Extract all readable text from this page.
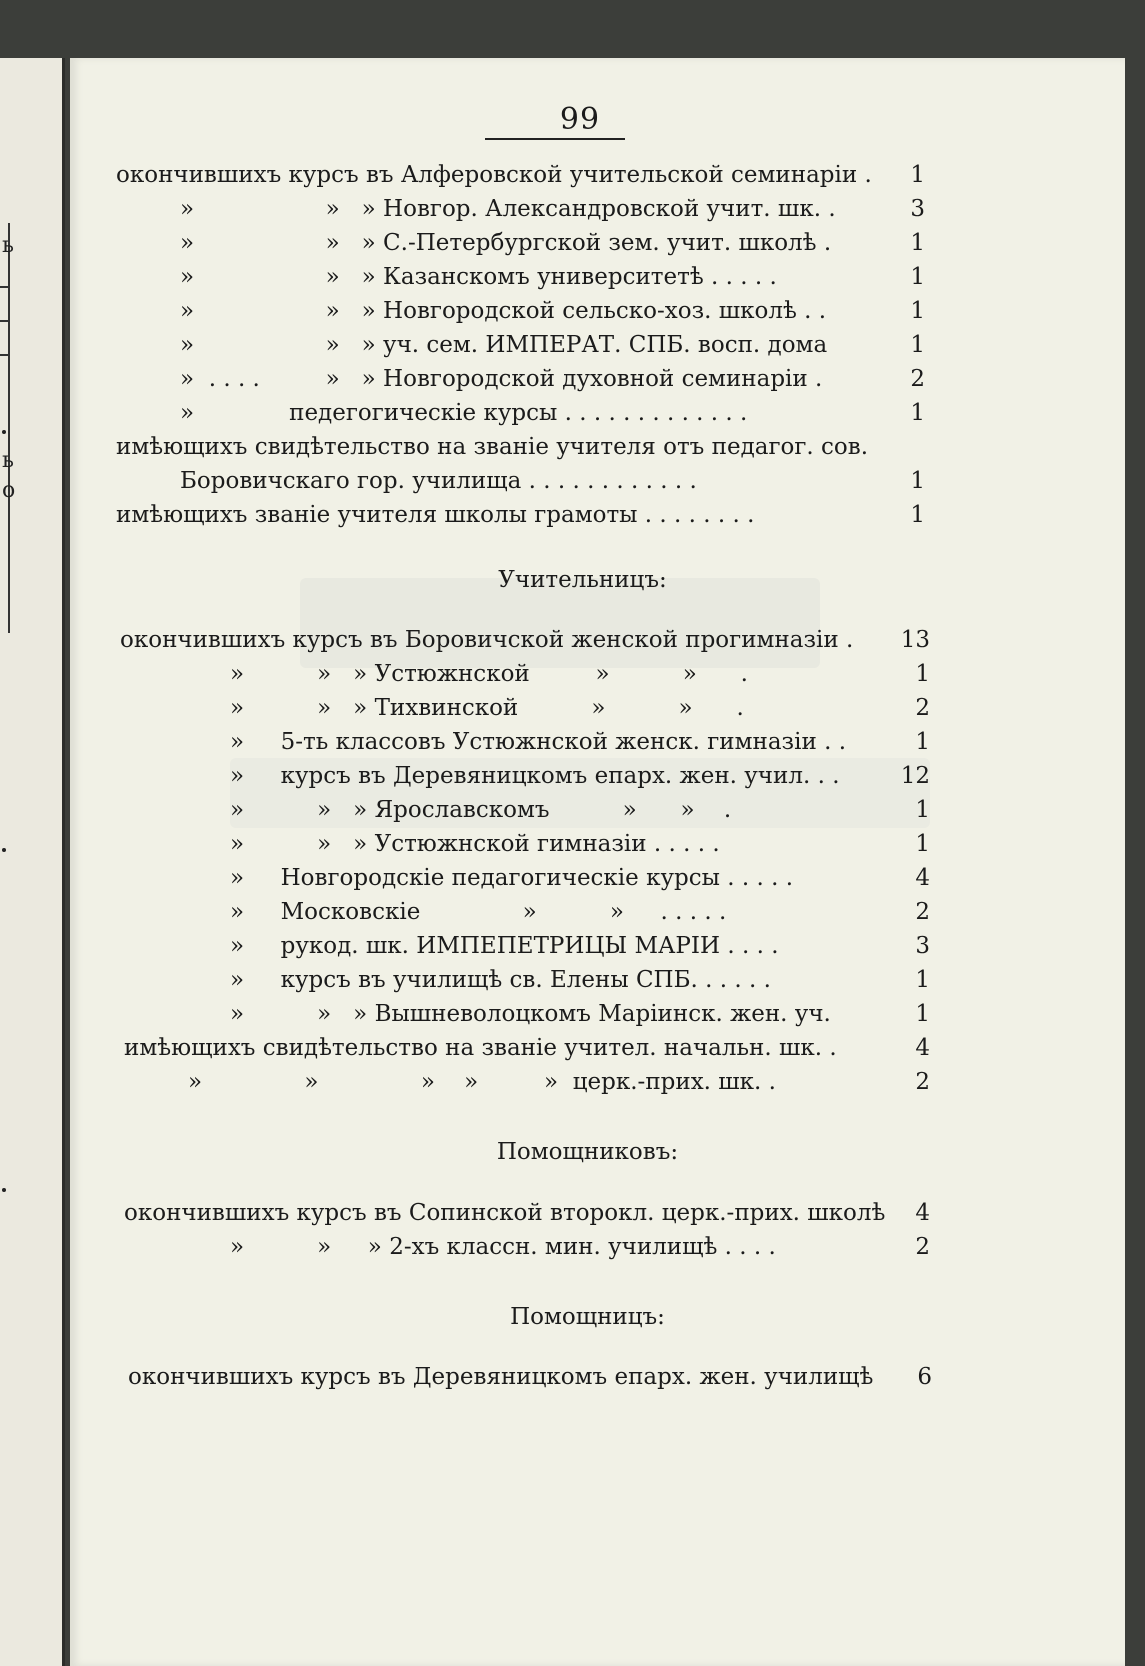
ь
ь
о
99
окончившихъ курсъ въ Алферовской учительской семинаріи .	1
»                  »   » Новгор. Александровской учит. шк. .	3
»                  »   » С.-Петербургской зем. учит. школѣ .	1
»                  »   » Казанскомъ университетѣ . . . . .	1
»                  »   » Новгородской сельско-хоз. школѣ . .	1
»                  »   » уч. сем. ИМПЕРАТ. СПБ. восп. дома	1
»  . . . .         »   » Новгородской духовной семинаріи .	2
»             педегогическіе курсы . . . . . . . . . . . . .	1
имѣющихъ свидѣтельство на званіе учителя отъ педагог. сов.
Боровичскаго гор. училища . . . . . . . . . . . .	1
имѣющихъ званіе учителя школы грамоты . . . . . . . .	1
Учительницъ:
окончившихъ курсъ въ Боровичской женской прогимназіи .	13
»          »   » Устюжнской         »          »      .	1
»          »   » Тихвинской          »          »      .	2
»     5-ть классовъ Устюжнской женск. гимназіи . .	1
»     курсъ въ Деревяницкомъ епарх. жен. учил. . .	12
»          »   » Ярославскомъ          »      »    .	1
»          »   » Устюжнской гимназіи . . . . .	1
»     Новгородскіе педагогическіе курсы . . . . .	4
»     Московскіе              »          »     . . . . .	2
»     рукод. шк. ИМПЕПЕТРИЦЫ МАРІИ . . . .	3
»     курсъ въ училищѣ св. Елены СПБ. . . . . .	1
»          »   » Вышневолоцкомъ Маріинск. жен. уч.	1
имѣющихъ свидѣтельство на званіе учител. начальн. шк. .	4
»              »              »    »         »  церк.-прих. шк. .	2
Помощниковъ:
окончившихъ курсъ въ Сопинской второкл. церк.-прих. школѣ	4
»          »     » 2-хъ классн. мин. училищѣ . . . .	2
Помощницъ:
окончившихъ курсъ въ Деревяницкомъ епарх. жен. училищѣ	6
